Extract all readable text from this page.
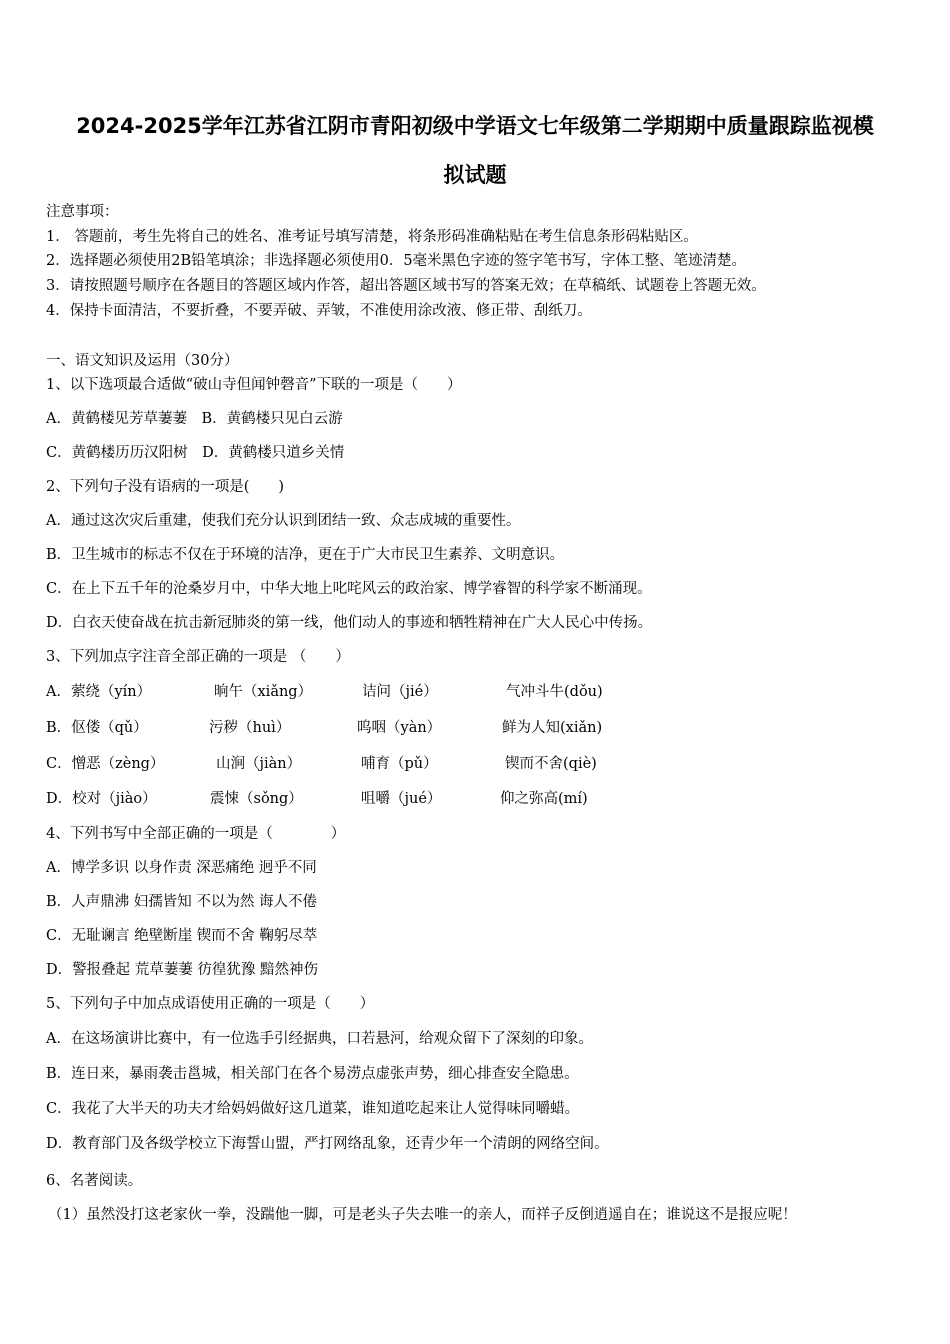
2024-2025学年江苏省江阴市青阳初级中学语文七年级第二学期期中质量跟踪监视模
拟试题
注意事项：
1． 答题前，考生先将自己的姓名、准考证号填写清楚，将条形码准确粘贴在考生信息条形码粘贴区。
2．选择题必须使用2B铅笔填涂；非选择题必须使用0．5毫米黑色字迹的签字笔书写，字体工整、笔迹清楚。
3．请按照题号顺序在各题目的答题区域内作答，超出答题区域书写的答案无效；在草稿纸、试题卷上答题无效。
4．保持卡面清洁，不要折叠，不要弄破、弄皱，不准使用涂改液、修正带、刮纸刀。
一、语文知识及运用（30分）
1、以下选项最合适做“破山寺但闻钟磬音”下联的一项是（　　）
A．黄鹤楼见芳草萋萋　B．黄鹤楼只见白云游
C．黄鹤楼历历汉阳树　D．黄鹤楼只道乡关情
2、下列句子没有语病的一项是(　　)
A．通过这次灾后重建，使我们充分认识到团结一致、众志成城的重要性。
B．卫生城市的标志不仅在于环境的洁净，更在于广大市民卫生素养、文明意识。
C．在上下五千年的沧桑岁月中，中华大地上叱咤风云的政治家、博学睿智的科学家不断涌现。
D．白衣天使奋战在抗击新冠肺炎的第一线，他们动人的事迹和牺牲精神在广大人民心中传扬。
3、下列加点字注音全部正确的一项是 （　　）
A．萦绕（yín）	晌午（xiǎng）	诘问（jié）	气冲斗牛(dǒu)
B．伛偻（qǔ）	污秽（huì）	呜咽（yàn）	鲜为人知(xiǎn)
C．憎恶（zèng）	山涧（jiàn）	哺育（pǔ）	锲而不舍(qiè)
D．校对（jiào）	震悚（sǒng）	咀嚼（jué）	仰之弥高(mí)
4、下列书写中全部正确的一项是（　　　　）
A．博学多识 以身作责 深恶痛绝 迥乎不同
B．人声鼎沸 妇孺皆知 不以为然 诲人不倦
C．无耻谰言 绝壁断崖 锲而不舍 鞠躬尽萃
D．警报叠起 荒草萋萋 彷徨犹豫 黯然神伤
5、下列句子中加点成语使用正确的一项是（　　）
A．在这场演讲比赛中，有一位选手引经据典，口若悬河，给观众留下了深刻的印象。
B．连日来，暴雨袭击邕城，相关部门在各个易涝点虚张声势，细心排查安全隐患。
C．我花了大半天的功夫才给妈妈做好这几道菜，谁知道吃起来让人觉得味同嚼蜡。
D．教育部门及各级学校立下海誓山盟，严打网络乱象，还青少年一个清朗的网络空间。
6、名著阅读。
（1）虽然没打这老家伙一拳，没踹他一脚，可是老头子失去唯一的亲人，而祥子反倒逍遥自在；谁说这不是报应呢！
